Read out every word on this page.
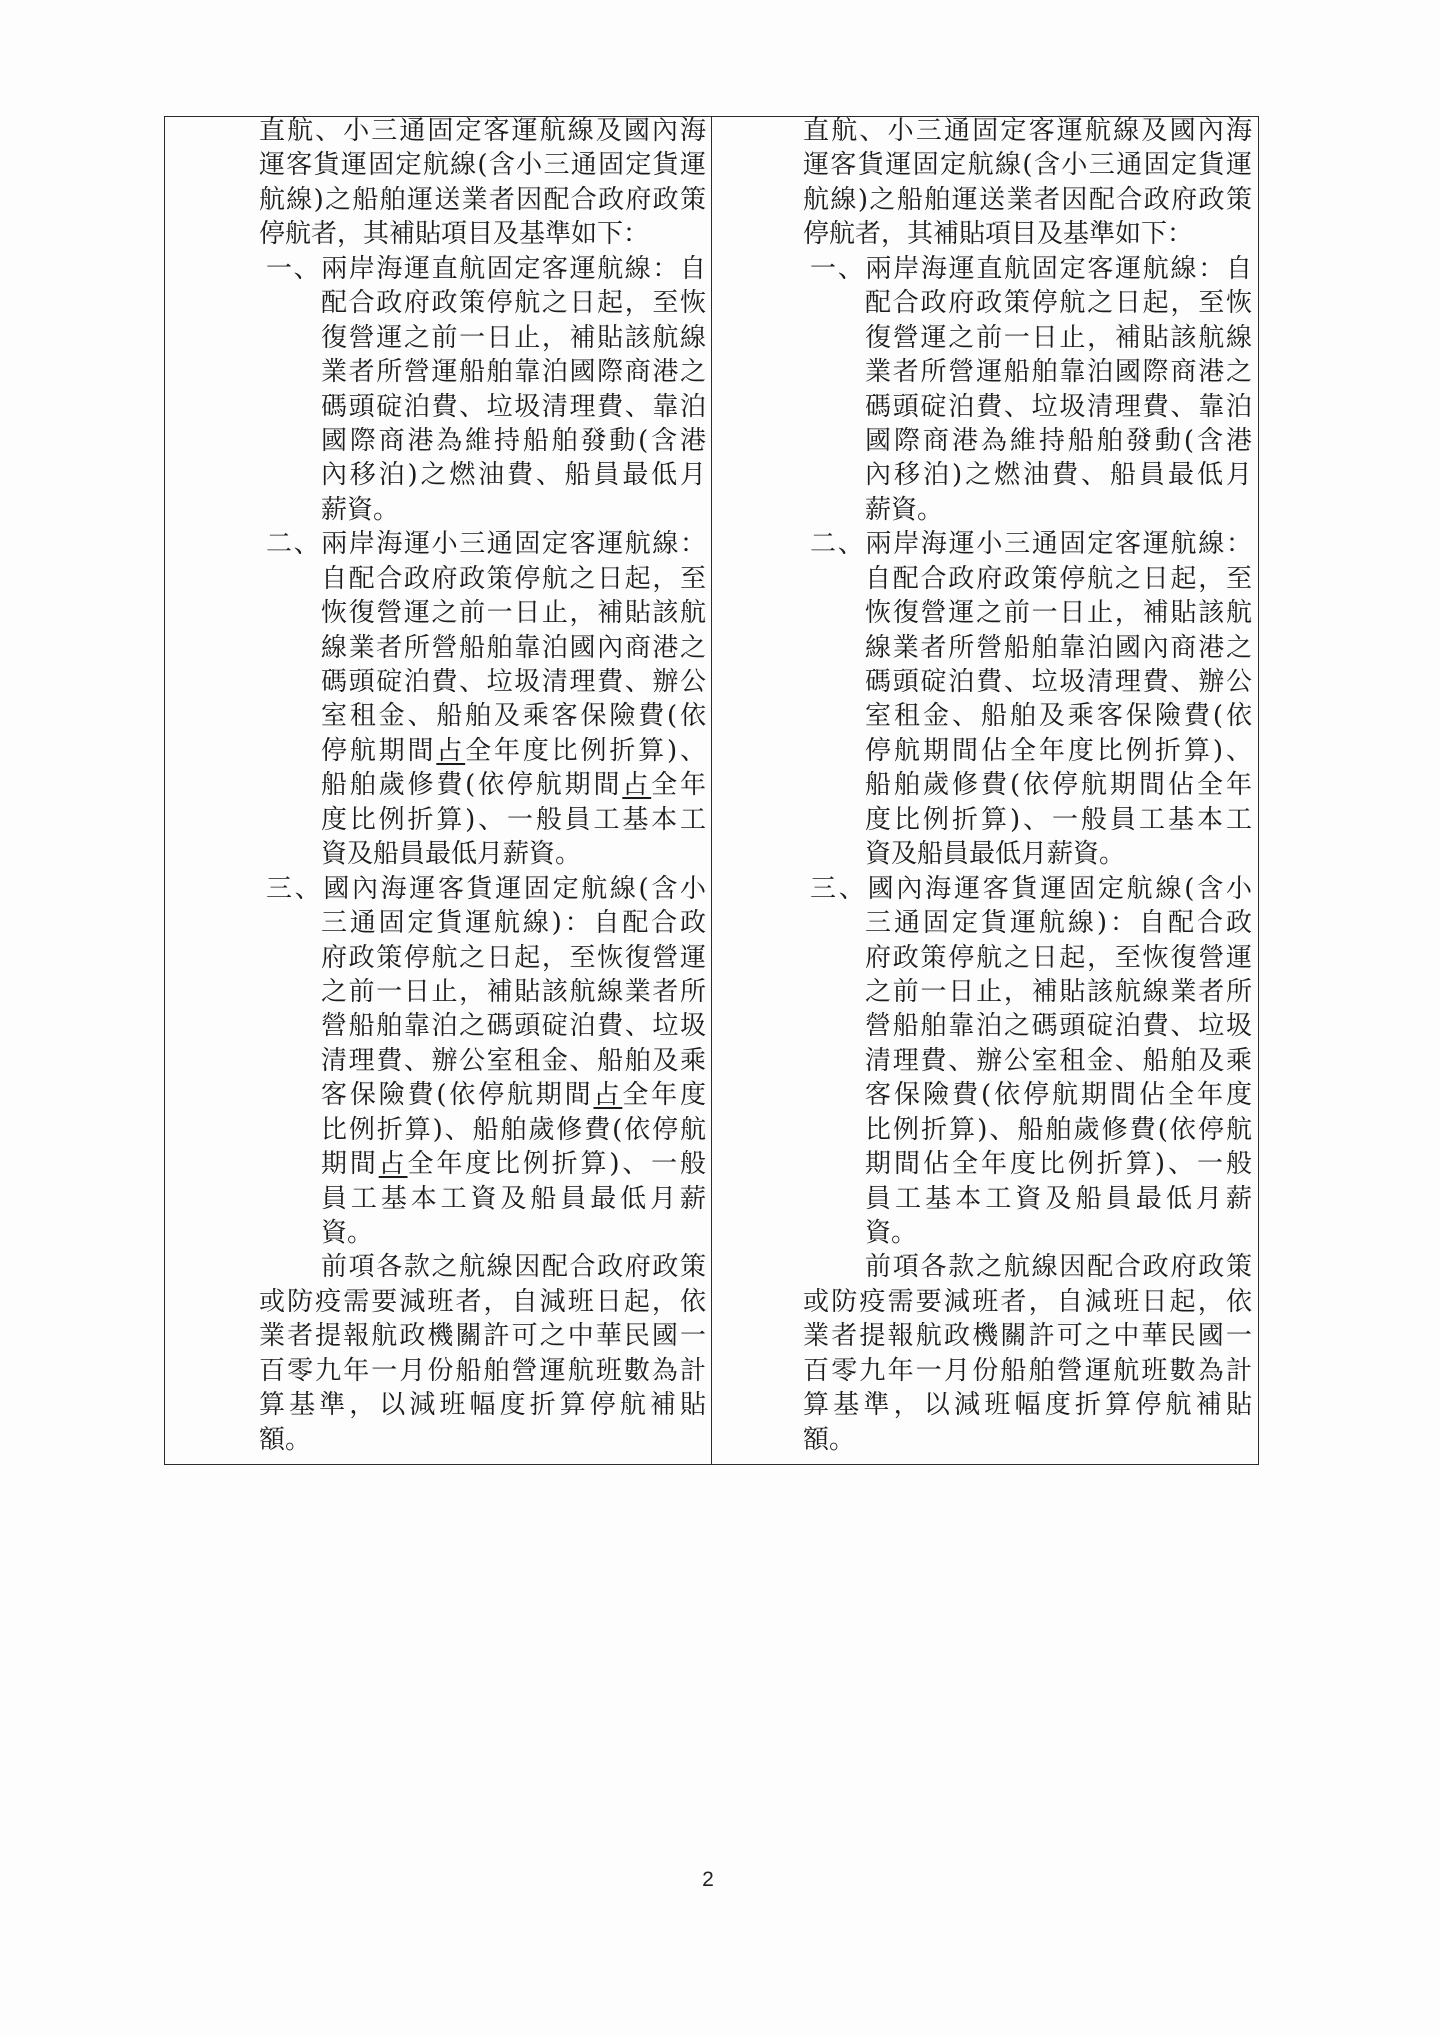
直航、小三通固定客運航線及國內海
運客貨運固定航線(含小三通固定貨運
航線)之船舶運送業者因配合政府政策
停航者，其補貼項目及基準如下：
一、兩岸海運直航固定客運航線：自
配合政府政策停航之日起，至恢
復營運之前一日止，補貼該航線
業者所營運船舶靠泊國際商港之
碼頭碇泊費、垃圾清理費、靠泊
國際商港為維持船舶發動(含港
內移泊)之燃油費、船員最低月
薪資。
二、兩岸海運小三通固定客運航線：
自配合政府政策停航之日起，至
恢復營運之前一日止，補貼該航
線業者所營船舶靠泊國內商港之
碼頭碇泊費、垃圾清理費、辦公
室租金、船舶及乘客保險費(依
停航期間占全年度比例折算)、
船舶歲修費(依停航期間占全年
度比例折算)、一般員工基本工
資及船員最低月薪資。
三、國內海運客貨運固定航線(含小
三通固定貨運航線)：自配合政
府政策停航之日起，至恢復營運
之前一日止，補貼該航線業者所
營船舶靠泊之碼頭碇泊費、垃圾
清理費、辦公室租金、船舶及乘
客保險費(依停航期間占全年度
比例折算)、船舶歲修費(依停航
期間占全年度比例折算)、一般
員工基本工資及船員最低月薪
資。
前項各款之航線因配合政府政策
或防疫需要減班者，自減班日起，依
業者提報航政機關許可之中華民國一
百零九年一月份船舶營運航班數為計
算基準，以減班幅度折算停航補貼
額。
直航、小三通固定客運航線及國內海
運客貨運固定航線(含小三通固定貨運
航線)之船舶運送業者因配合政府政策
停航者，其補貼項目及基準如下：
一、兩岸海運直航固定客運航線：自
配合政府政策停航之日起，至恢
復營運之前一日止，補貼該航線
業者所營運船舶靠泊國際商港之
碼頭碇泊費、垃圾清理費、靠泊
國際商港為維持船舶發動(含港
內移泊)之燃油費、船員最低月
薪資。
二、兩岸海運小三通固定客運航線：
自配合政府政策停航之日起，至
恢復營運之前一日止，補貼該航
線業者所營船舶靠泊國內商港之
碼頭碇泊費、垃圾清理費、辦公
室租金、船舶及乘客保險費(依
停航期間佔全年度比例折算)、
船舶歲修費(依停航期間佔全年
度比例折算)、一般員工基本工
資及船員最低月薪資。
三、國內海運客貨運固定航線(含小
三通固定貨運航線)：自配合政
府政策停航之日起，至恢復營運
之前一日止，補貼該航線業者所
營船舶靠泊之碼頭碇泊費、垃圾
清理費、辦公室租金、船舶及乘
客保險費(依停航期間佔全年度
比例折算)、船舶歲修費(依停航
期間佔全年度比例折算)、一般
員工基本工資及船員最低月薪
資。
前項各款之航線因配合政府政策
或防疫需要減班者，自減班日起，依
業者提報航政機關許可之中華民國一
百零九年一月份船舶營運航班數為計
算基準，以減班幅度折算停航補貼
額。
2
